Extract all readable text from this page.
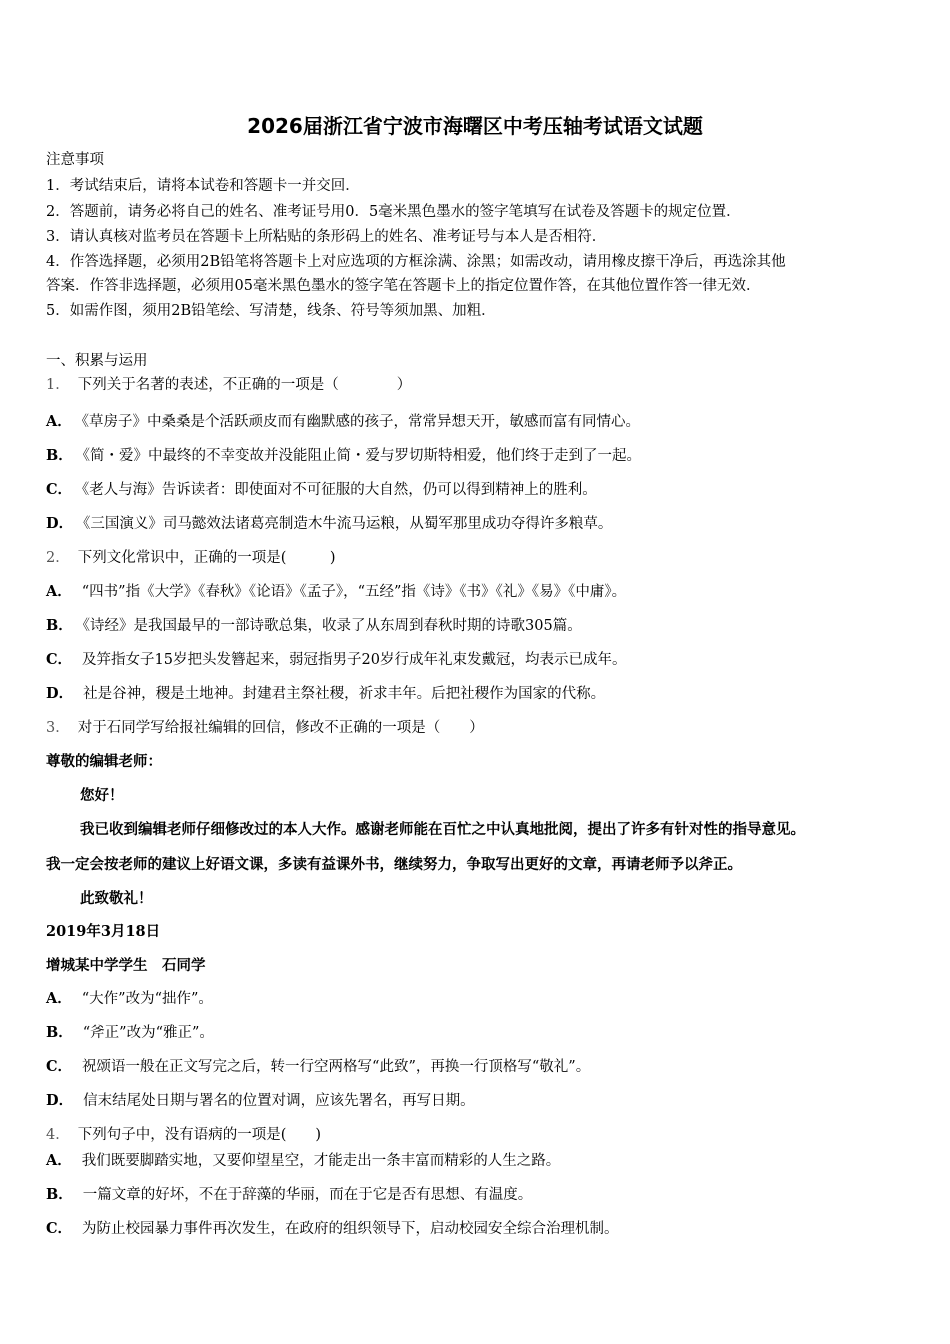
2026届浙江省宁波市海曙区中考压轴考试语文试题
注意事项
1．考试结束后，请将本试卷和答题卡一并交回．
2．答题前，请务必将自己的姓名、准考证号用0．5毫米黑色墨水的签字笔填写在试卷及答题卡的规定位置．
3．请认真核对监考员在答题卡上所粘贴的条形码上的姓名、准考证号与本人是否相符．
4．作答选择题，必须用2B铅笔将答题卡上对应选项的方框涂满、涂黑；如需改动，请用橡皮擦干净后，再选涂其他
答案．作答非选择题，必须用05毫米黑色墨水的签字笔在答题卡上的指定位置作答，在其他位置作答一律无效．
5．如需作图，须用2B铅笔绘、写清楚，线条、符号等须加黑、加粗．
一、积累与运用
1． 下列关于名著的表述，不正确的一项是（　　　　）
A． 《草房子》中桑桑是个活跃顽皮而有幽默感的孩子，常常异想天开，敏感而富有同情心。
B． 《简・爱》中最终的不幸变故并没能阻止简・爱与罗切斯特相爱，他们终于走到了一起。
C． 《老人与海》告诉读者：即使面对不可征服的大自然，仍可以得到精神上的胜利。
D． 《三国演义》司马懿效法诸葛亮制造木牛流马运粮，从蜀军那里成功夺得许多粮草。
2． 下列文化常识中，正确的一项是(　　　)
A． “四书”指《大学》《春秋》《论语》《孟子》，“五经”指《诗》《书》《礼》《易》《中庸》。
B． 《诗经》是我国最早的一部诗歌总集，收录了从东周到春秋时期的诗歌305篇。
C． 及笄指女子15岁把头发簪起来，弱冠指男子20岁行成年礼束发戴冠，均表示已成年。
D． 社是谷神，稷是土地神。封建君主祭社稷，祈求丰年。后把社稷作为国家的代称。
3． 对于石同学写给报社编辑的回信，修改不正确的一项是（　　）
尊敬的编辑老师：
您好！
我已收到编辑老师仔细修改过的本人大作。感谢老师能在百忙之中认真地批阅，提出了许多有针对性的指导意见。
我一定会按老师的建议上好语文课，多读有益课外书，继续努力，争取写出更好的文章，再请老师予以斧正。
此致敬礼！
2019年3月18日
增城某中学学生　石同学
A． “大作”改为“拙作”。
B． “斧正”改为“雅正”。
C． 祝颂语一般在正文写完之后，转一行空两格写“此致”，再换一行顶格写“敬礼”。
D． 信末结尾处日期与署名的位置对调，应该先署名，再写日期。
4． 下列句子中，没有语病的一项是(　　)
A． 我们既要脚踏实地，又要仰望星空，才能走出一条丰富而精彩的人生之路。
B． 一篇文章的好坏，不在于辞藻的华丽，而在于它是否有思想、有温度。
C． 为防止校园暴力事件再次发生，在政府的组织领导下，启动校园安全综合治理机制。
